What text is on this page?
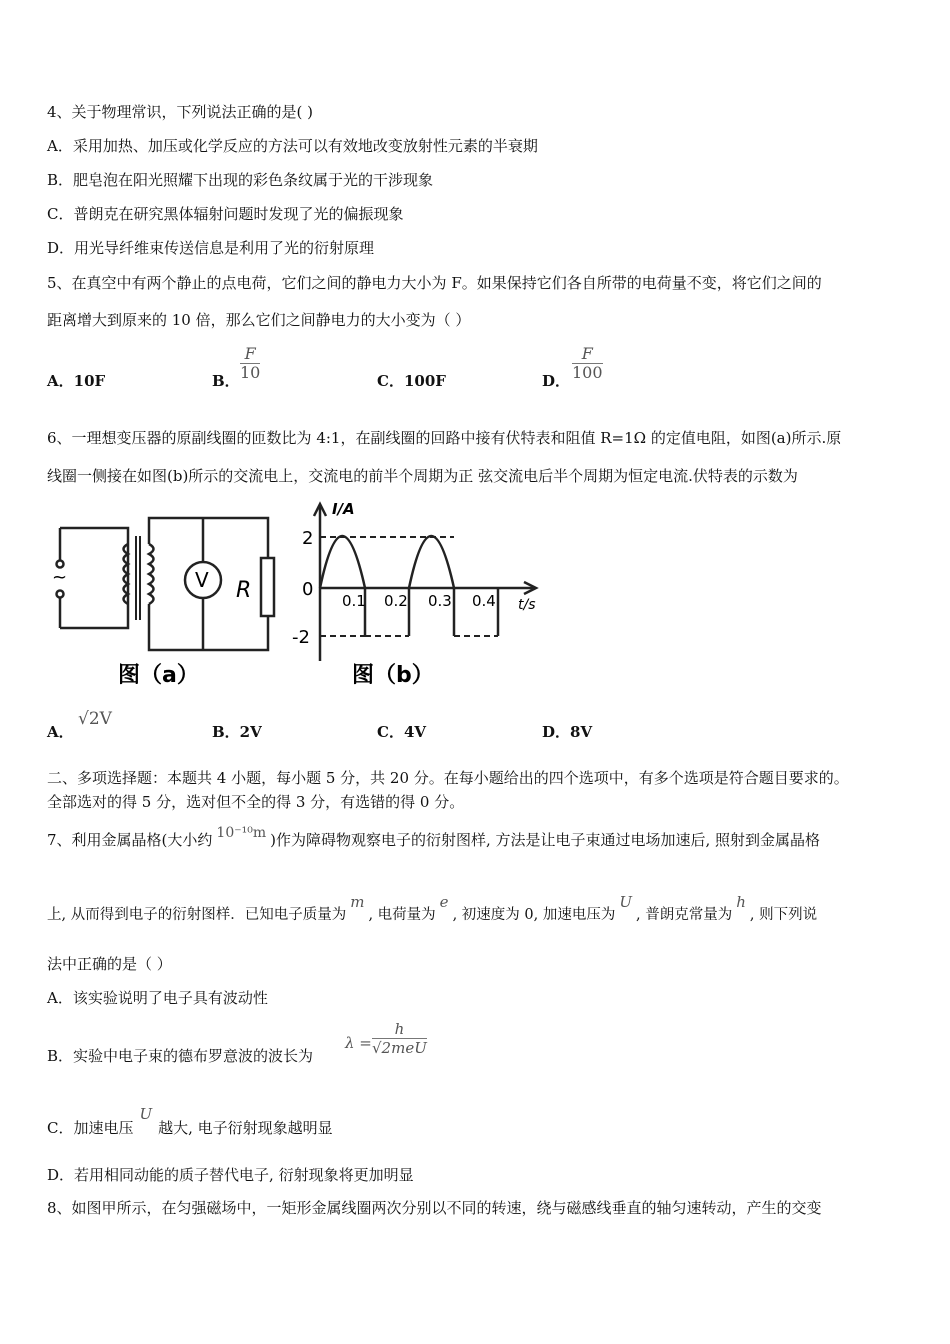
4、关于物理常识，下列说法正确的是( )
A．采用加热、加压或化学反应的方法可以有效地改变放射性元素的半衰期
B．肥皂泡在阳光照耀下出现的彩色条纹属于光的干涉现象
C．普朗克在研究黑体辐射问题时发现了光的偏振现象
D．用光导纤维束传送信息是利用了光的衍射原理
5、在真空中有两个静止的点电荷，它们之间的静电力大小为 F。如果保持它们各自所带的电荷量不变，将它们之间的
距离增大到原来的 10 倍，那么它们之间静电力的大小变为（ ）
A．10F	B．
F
10	C．100F	D．
F
100
6、一理想变压器的原副线圈的匝数比为 4:1，在副线圈的回路中接有伏特表和阻值 R=1Ω 的定值电阻，如图(a)所示.原
线圈一侧接在如图(b)所示的交流电上，交流电的前半个周期为正 弦交流电后半个周期为恒定电流.伏特表的示数为
~	V R
图（a）
I/A
t/s
2
0
-2
0.1 0.2 0.3 0.4
图（b）
A．
√2V
B．2V	C．4V	D．8V
二、多项选择题：本题共 4 小题，每小题 5 分，共 20 分。在每小题给出的四个选项中，有多个选项是符合题目要求的。
全部选对的得 5 分，选对但不全的得 3 分，有选错的得 0 分。
7、利用金属晶格(大小约 10⁻¹⁰m )作为障碍物观察电子的衍射图样, 方法是让电子束通过电场加速后, 照射到金属晶格
上, 从而得到电子的衍射图样．已知电子质量为m, 电荷量为e, 初速度为 0, 加速电压为U, 普朗克常量为h, 则下列说
法中正确的是（ ）
A．该实验说明了电子具有波动性
B．实验中电子束的德布罗意波的波长为
λ =
h
√2meU
C．加速电压U越大, 电子衍射现象越明显
D．若用相同动能的质子替代电子, 衍射现象将更加明显
8、如图甲所示，在匀强磁场中，一矩形金属线圈两次分别以不同的转速，绕与磁感线垂直的轴匀速转动，产生的交变
